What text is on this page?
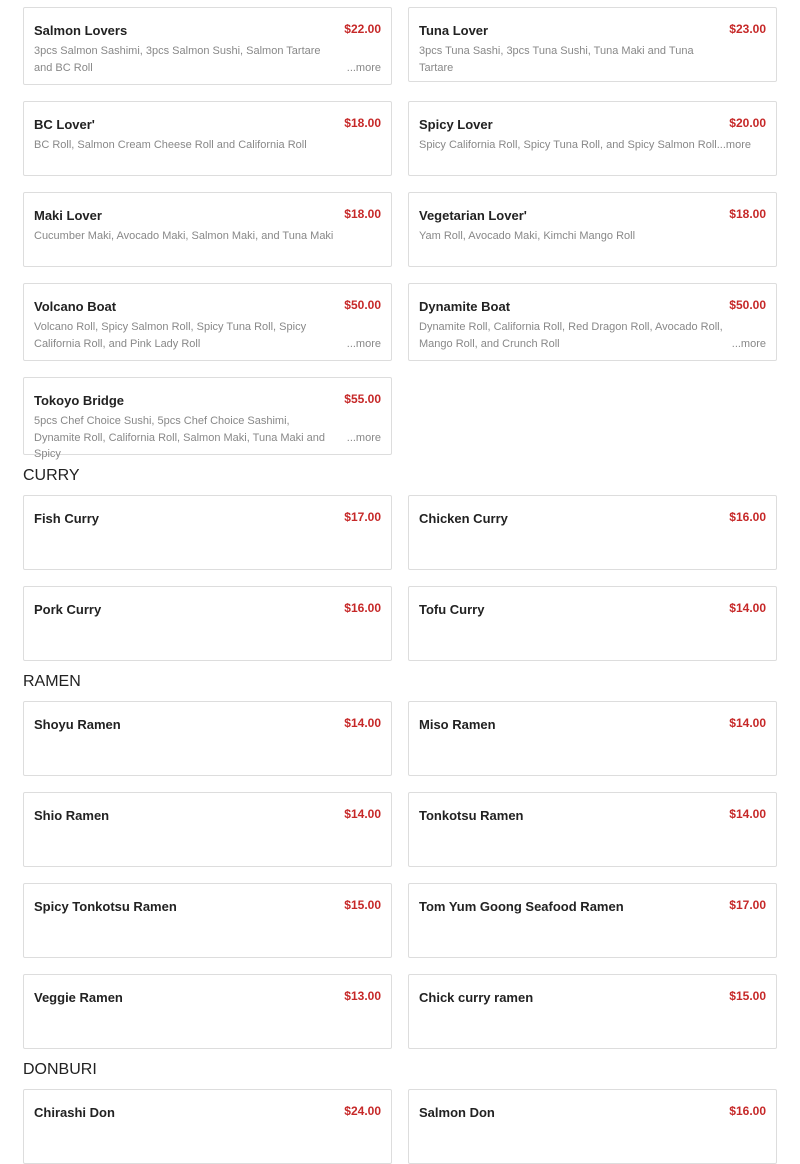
Salmon Lovers	$22.00
3pcs Salmon Sashimi, 3pcs Salmon Sushi, Salmon Tartare and BC Roll	...more
Tuna Lover	$23.00
3pcs Tuna Sashi, 3pcs Tuna Sushi, Tuna Maki and Tuna Tartare
BC Lover'	$18.00
BC Roll, Salmon Cream Cheese Roll and California Roll
Spicy Lover	$20.00
Spicy California Roll, Spicy Tuna Roll, and Spicy Salmon Roll...more
Maki Lover	$18.00
Cucumber Maki, Avocado Maki, Salmon Maki, and Tuna Maki
Vegetarian Lover'	$18.00
Yam Roll, Avocado Maki, Kimchi Mango Roll
Volcano Boat	$50.00
Volcano Roll, Spicy Salmon Roll, Spicy Tuna Roll, Spicy California Roll, and Pink Lady Roll	...more
Dynamite Boat	$50.00
Dynamite Roll, California Roll, Red Dragon Roll, Avocado Roll, Mango Roll, and Crunch Roll	...more
Tokoyo Bridge	$55.00
5pcs Chef Choice Sushi, 5pcs Chef Choice Sashimi, Dynamite Roll, California Roll, Salmon Maki, Tuna Maki and Spicy
...more
CURRY
Fish Curry	$17.00	Chicken Curry	$16.00
Pork Curry	$16.00	Tofu Curry	$14.00
RAMEN
Shoyu Ramen	$14.00	Miso Ramen	$14.00
Shio Ramen	$14.00	Tonkotsu Ramen	$14.00
Spicy Tonkotsu Ramen	$15.00	Tom Yum Goong Seafood Ramen	$17.00
Veggie Ramen	$13.00	Chick curry ramen	$15.00
DONBURI
Chirashi Don	$24.00	Salmon Don	$16.00
